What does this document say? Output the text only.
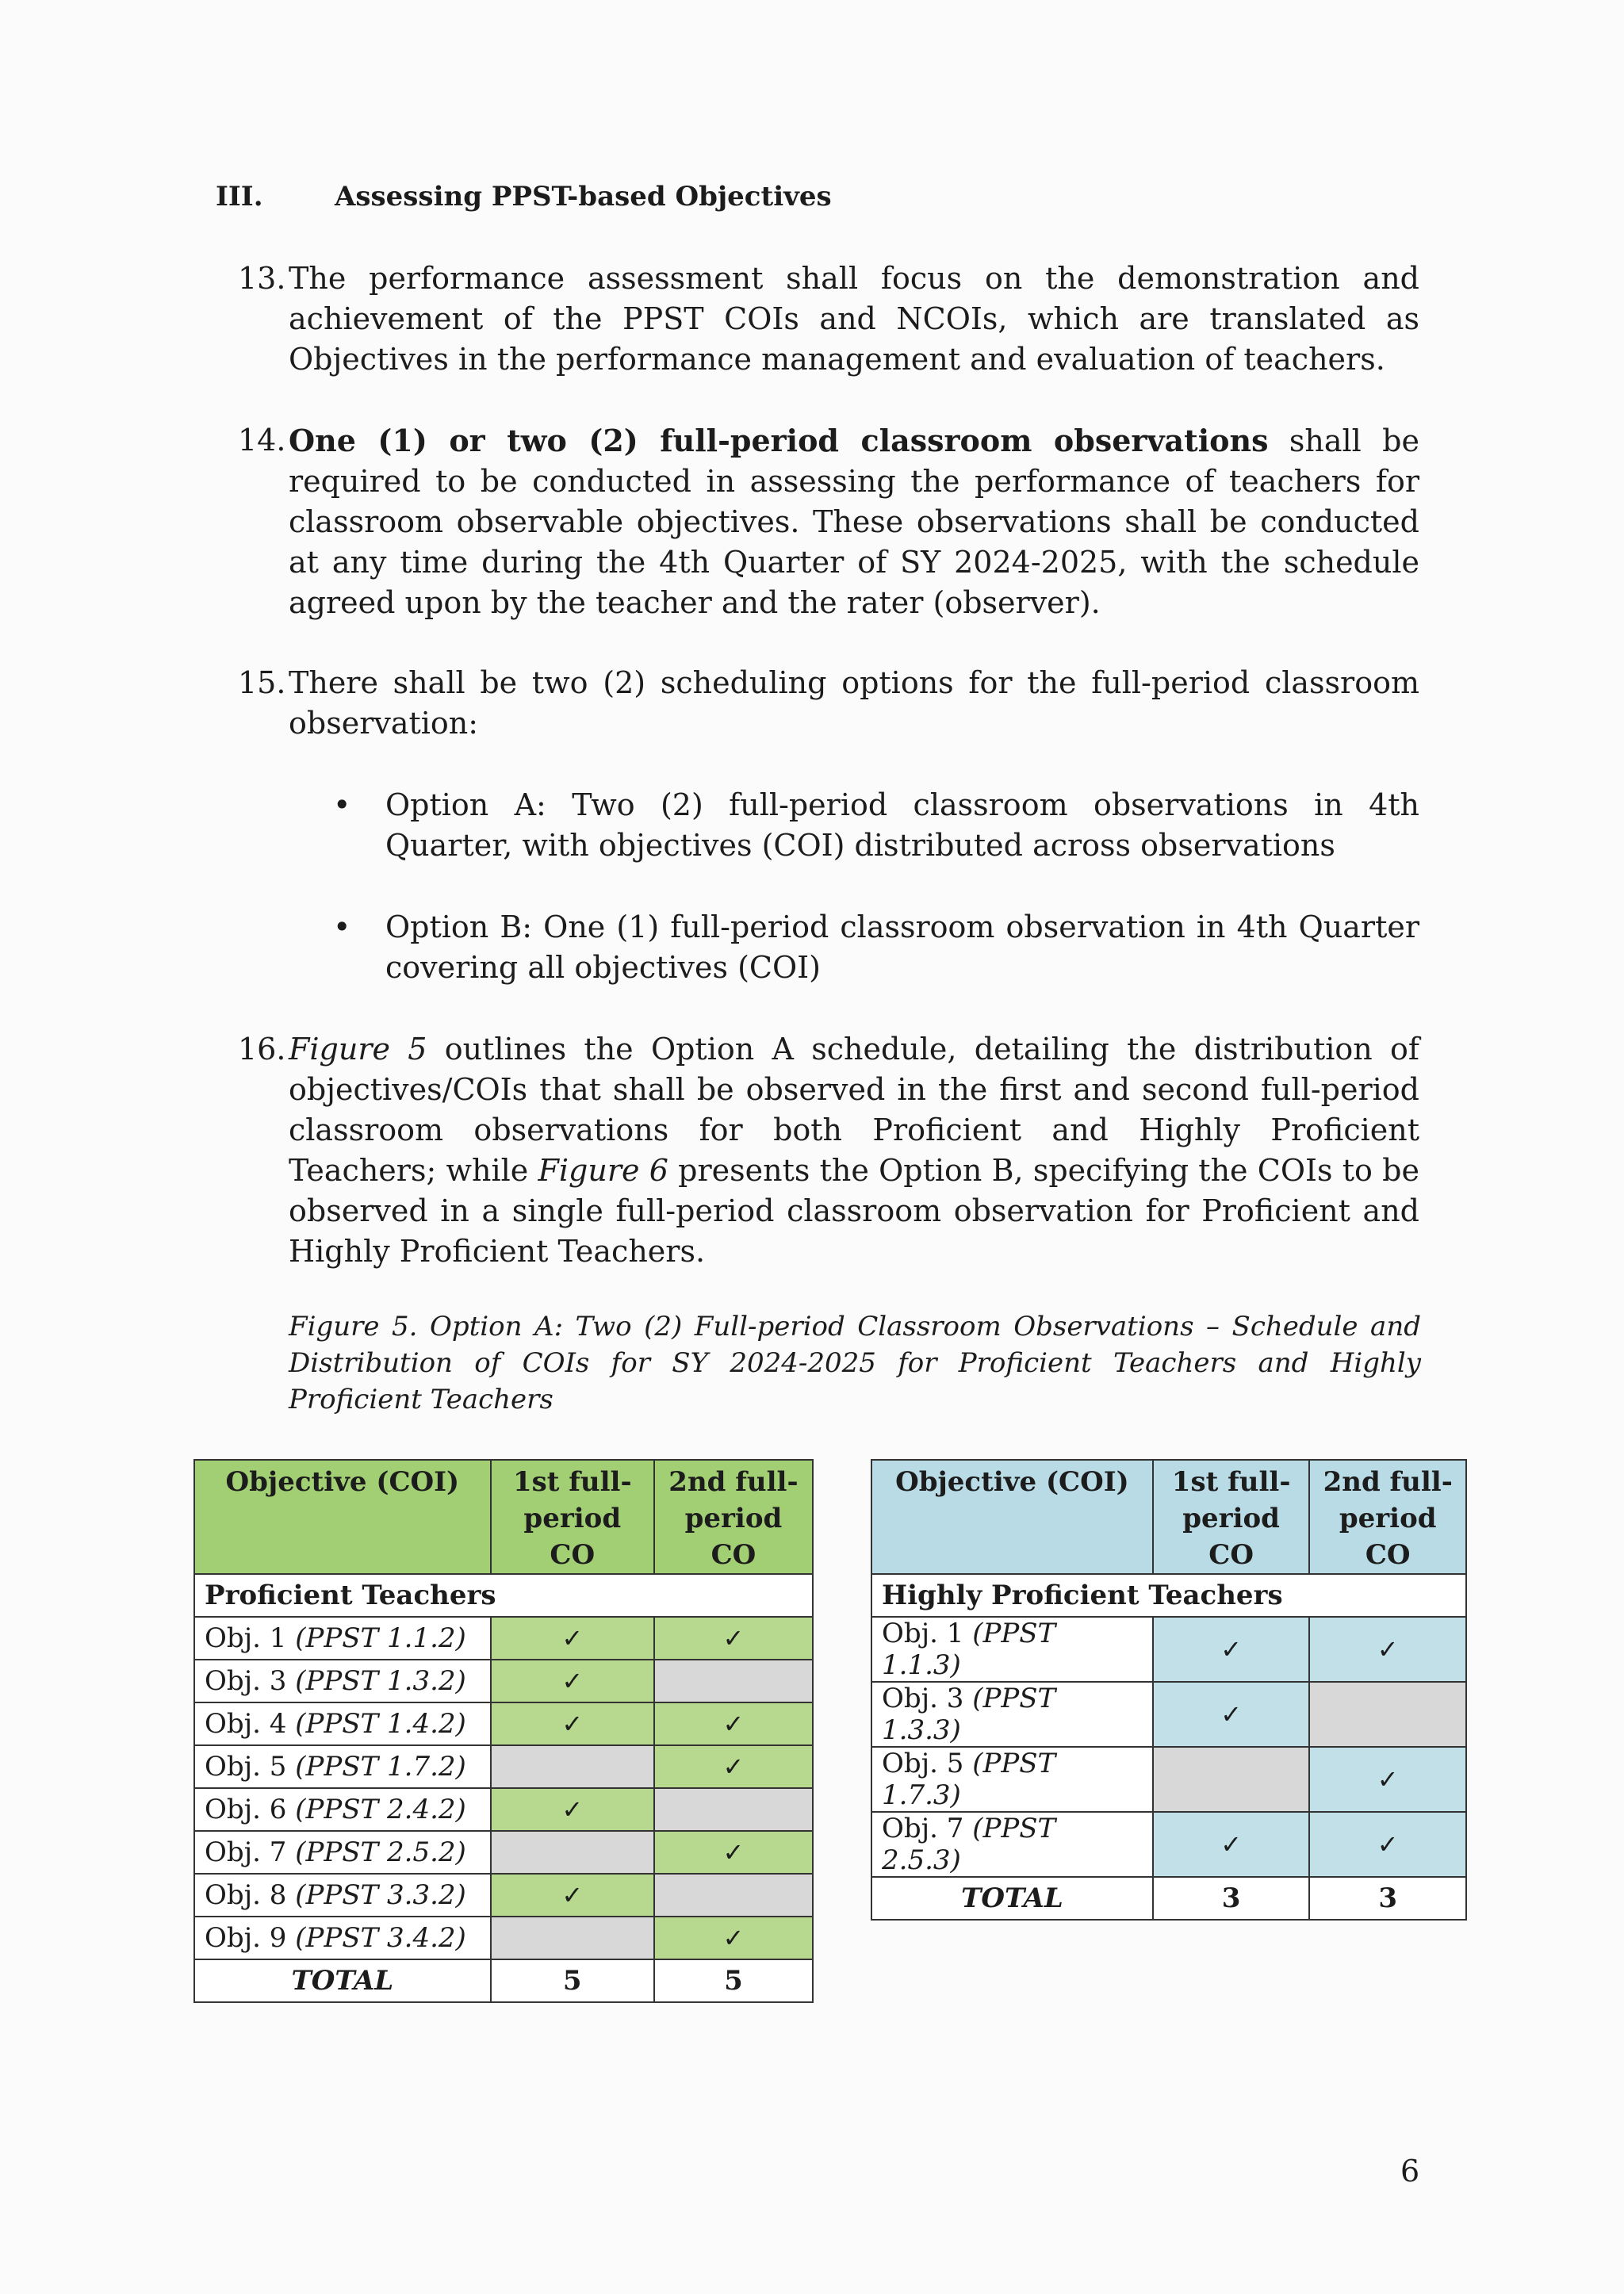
III.	Assessing PPST-based Objectives

13. The performance assessment shall focus on the demonstration and achievement of the PPST COIs and NCOIs, which are translated as Objectives in the performance management and evaluation of teachers.

14. One (1) or two (2) full-period classroom observations shall be required to be conducted in assessing the performance of teachers for classroom observable objectives. These observations shall be conducted at any time during the 4th Quarter of SY 2024-2025, with the schedule agreed upon by the teacher and the rater (observer).

15. There shall be two (2) scheduling options for the full-period classroom observation:

• Option A: Two (2) full-period classroom observations in 4th Quarter, with objectives (COI) distributed across observations

• Option B: One (1) full-period classroom observation in 4th Quarter covering all objectives (COI)

16. Figure 5 outlines the Option A schedule, detailing the distribution of objectives/COIs that shall be observed in the first and second full-period classroom observations for both Proficient and Highly Proficient Teachers; while Figure 6 presents the Option B, specifying the COIs to be observed in a single full-period classroom observation for Proficient and Highly Proficient Teachers.

Figure 5. Option A: Two (2) Full-period Classroom Observations – Schedule and Distribution of COIs for SY 2024-2025 for Proficient Teachers and Highly Proficient Teachers

Objective (COI)	1st full-period CO	2nd full-period CO
Proficient Teachers		
Obj. 1 (PPST 1.1.2)	✓	✓
Obj. 3 (PPST 1.3.2)	✓	
Obj. 4 (PPST 1.4.2)	✓	✓
Obj. 5 (PPST 1.7.2)		✓
Obj. 6 (PPST 2.4.2)	✓	
Obj. 7 (PPST 2.5.2)		✓
Obj. 8 (PPST 3.3.2)	✓	
Obj. 9 (PPST 3.4.2)		✓
TOTAL	5	5
Objective (COI)	1st full-period CO	2nd full-period CO
Highly Proficient Teachers		
Obj. 1 (PPST 1.1.3)	✓	✓
Obj. 3 (PPST 1.3.3)	✓	
Obj. 5 (PPST 1.7.3)		✓
Obj. 7 (PPST 2.5.3)	✓	✓
TOTAL	3	3

6
